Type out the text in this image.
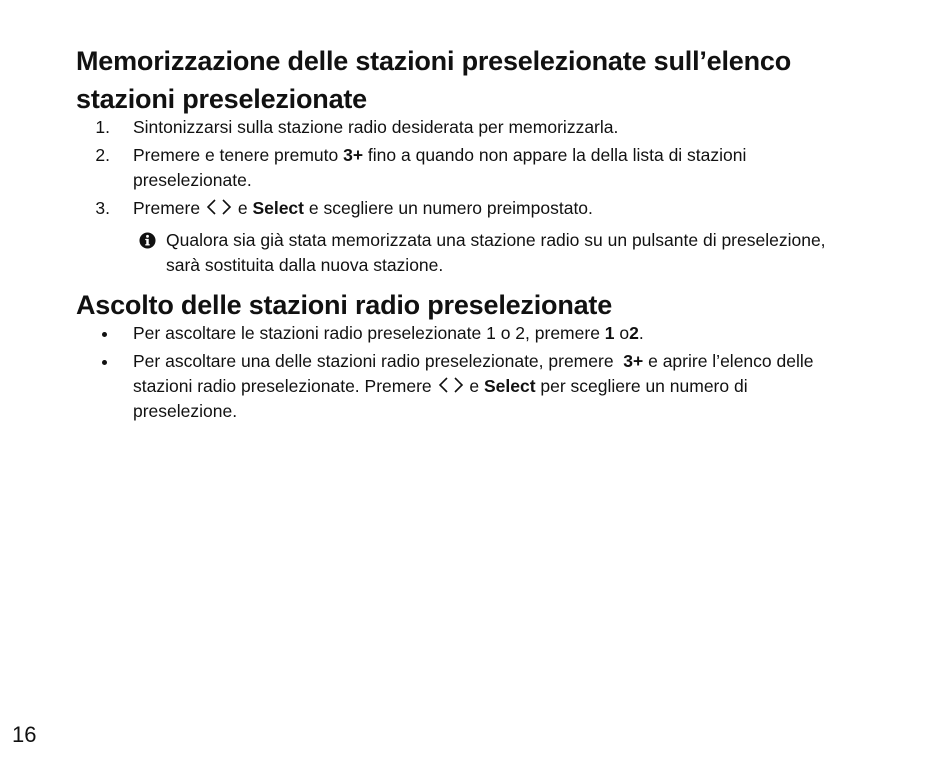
Memorizzazione delle stazioni preselezionate sull’elenco stazioni preselezionate
1. Sintonizzarsi sulla stazione radio desiderata per memorizzarla.
2. Premere e tenere premuto 3+ fino a quando non appare la della lista di stazioni preselezionate.
3. Premere  e Select e scegliere un numero preimpostato.
Qualora sia già stata memorizzata una stazione radio su un pulsante di preselezione, sarà sostituita dalla nuova stazione.
Ascolto delle stazioni radio preselezionate
Per ascoltare le stazioni radio preselezionate 1 o 2, premere 1 o2.
Per ascoltare una delle stazioni radio preselezionate, premere  3+ e aprire l’elenco delle stazioni radio preselezionate. Premere  e Select per scegliere un numero di preselezione.
16
